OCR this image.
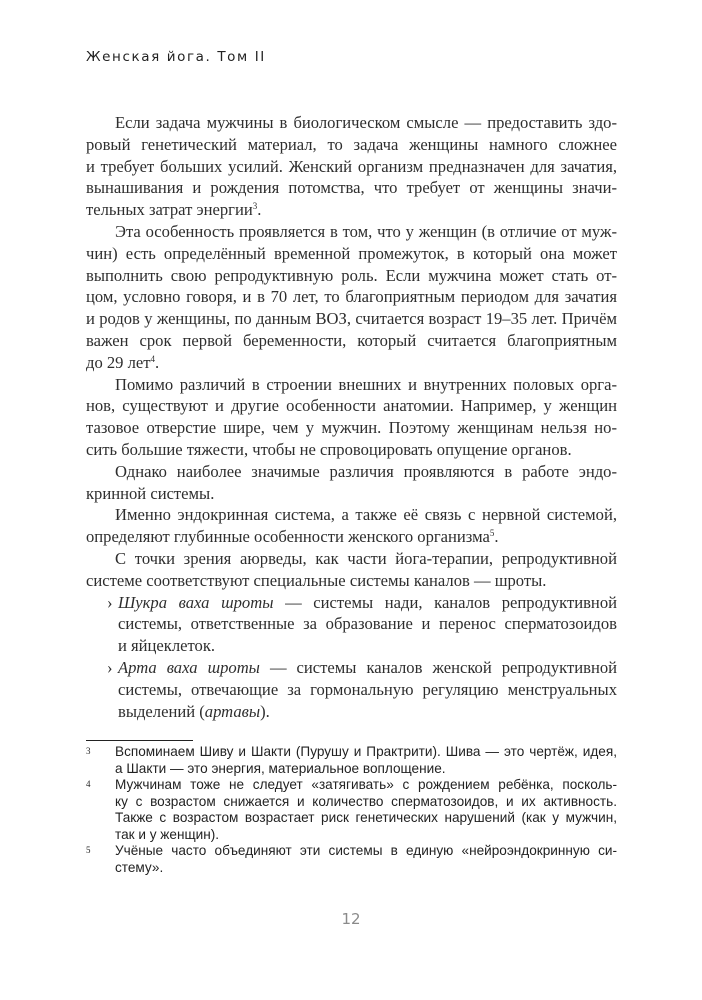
Женская йога. Том II
Если задача мужчины в биологическом смысле — предоставить здо-
ровый генетический материал, то задача женщины намного сложнее
и требует больших усилий. Женский организм предназначен для зачатия,
вынашивания и рождения потомства, что требует от женщины значи-
тельных затрат энергии$^3$.
Эта особенность проявляется в том, что у женщин (в отличие от муж-
чин) есть определённый временной промежуток, в который она может
выполнить свою репродуктивную роль. Если мужчина может стать от-
цом, условно говоря, и в 70 лет, то благоприятным периодом для зачатия
и родов у женщины, по данным ВОЗ, считается возраст 19–35 лет. Причём
важен срок первой беременности, который считается благоприятным
до 29 лет$^4$.
Помимо различий в строении внешних и внутренних половых орга-
нов, существуют и другие особенности анатомии. Например, у женщин
тазовое отверстие шире, чем у мужчин. Поэтому женщинам нельзя но-
сить большие тяжести, чтобы не спровоцировать опущение органов.
Однако наиболее значимые различия проявляются в работе эндо-
кринной системы.
Именно эндокринная система, а также её связь с нервной системой,
определяют глубинные особенности женского организма$^5$.
С точки зрения аюрведы, как части йога-терапии, репродуктивной
системе соответствуют специальные системы каналов — шроты.
› Шукра ваха шроты — системы нади, каналов репродуктивной
системы, ответственные за образование и перенос сперматозоидов
и яйцеклеток.
› Арта ваха шроты — системы каналов женской репродуктивной
системы, отвечающие за гормональную регуляцию менструальных
выделений (артавы).
3 Вспоминаем Шиву и Шакти (Пурушу и Практрити). Шива — это чертёж, идея,
а Шакти — это энергия, материальное воплощение.
4 Мужчинам тоже не следует «затягивать» с рождением ребёнка, посколь-
ку с возрастом снижается и количество сперматозоидов, и их активность.
Также с возрастом возрастает риск генетических нарушений (как у мужчин,
так и у женщин).
5 Учёные часто объединяют эти системы в единую «нейроэндокринную си-
стему».
12
